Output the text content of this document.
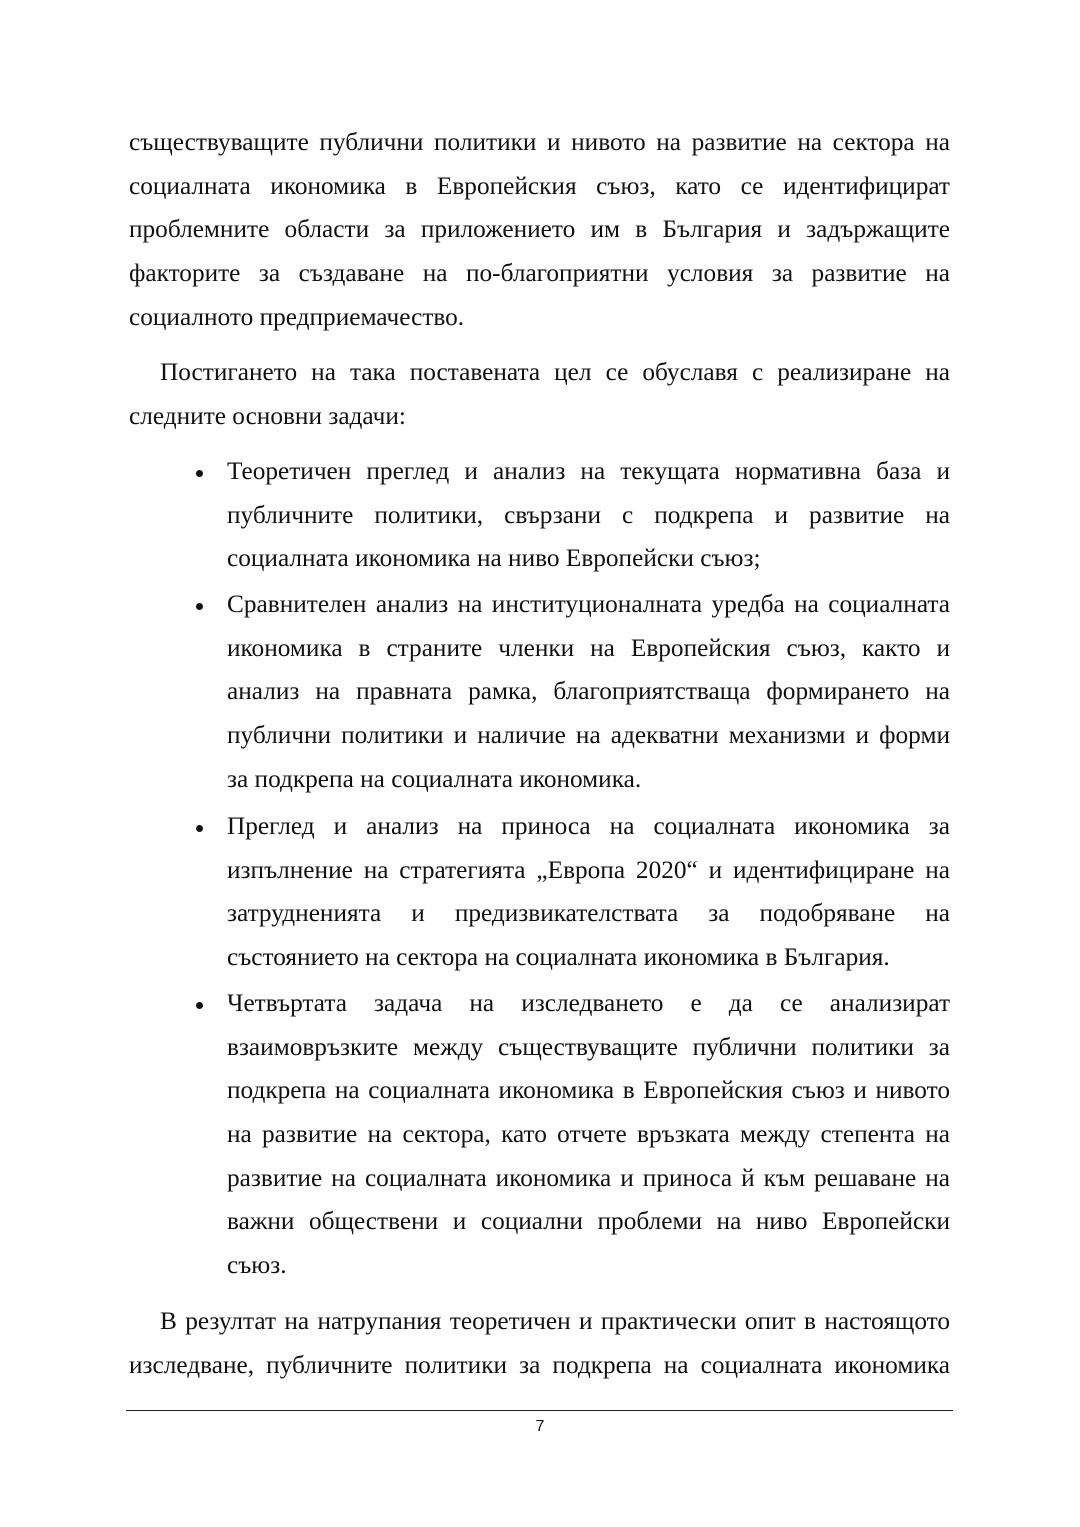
съществуващите публични политики и нивото на развитие на сектора на
социалната икономика в Европейския съюз, като се идентифицират
проблемните области за приложението им в България и задържащите
факторите за създаване на по-благоприятни условия за развитие на
социалното предприемачество.
Постигането на така поставената цел се обуславя с реализиране на
следните основни задачи:
Теоретичен преглед и анализ на текущата нормативна база и
публичните политики, свързани с подкрепа и развитие на
социалната икономика на ниво Европейски съюз;
Сравнителен анализ на институционалната уредба на социалната
икономика в страните членки на Европейския съюз, както и
анализ на правната рамка, благоприятстваща формирането на
публични политики и наличие на адекватни механизми и форми
за подкрепа на социалната икономика.
Преглед и анализ на приноса на социалната икономика за
изпълнение на стратегията „Европа 2020“ и идентифициране на
затрудненията и предизвикателствата за подобряване на
състоянието на сектора на социалната икономика в България.
Четвъртата задача на изследването е да се анализират
взаимовръзките между съществуващите публични политики за
подкрепа на социалната икономика в Европейския съюз и нивото
на развитие на сектора, като отчете връзката между степента на
развитие на социалната икономика и приноса й към решаване на
важни обществени и социални проблеми на ниво Европейски
съюз.
В резултат на натрупания теоретичен и практически опит в настоящото
изследване, публичните политики за подкрепа на социалната икономика
7
